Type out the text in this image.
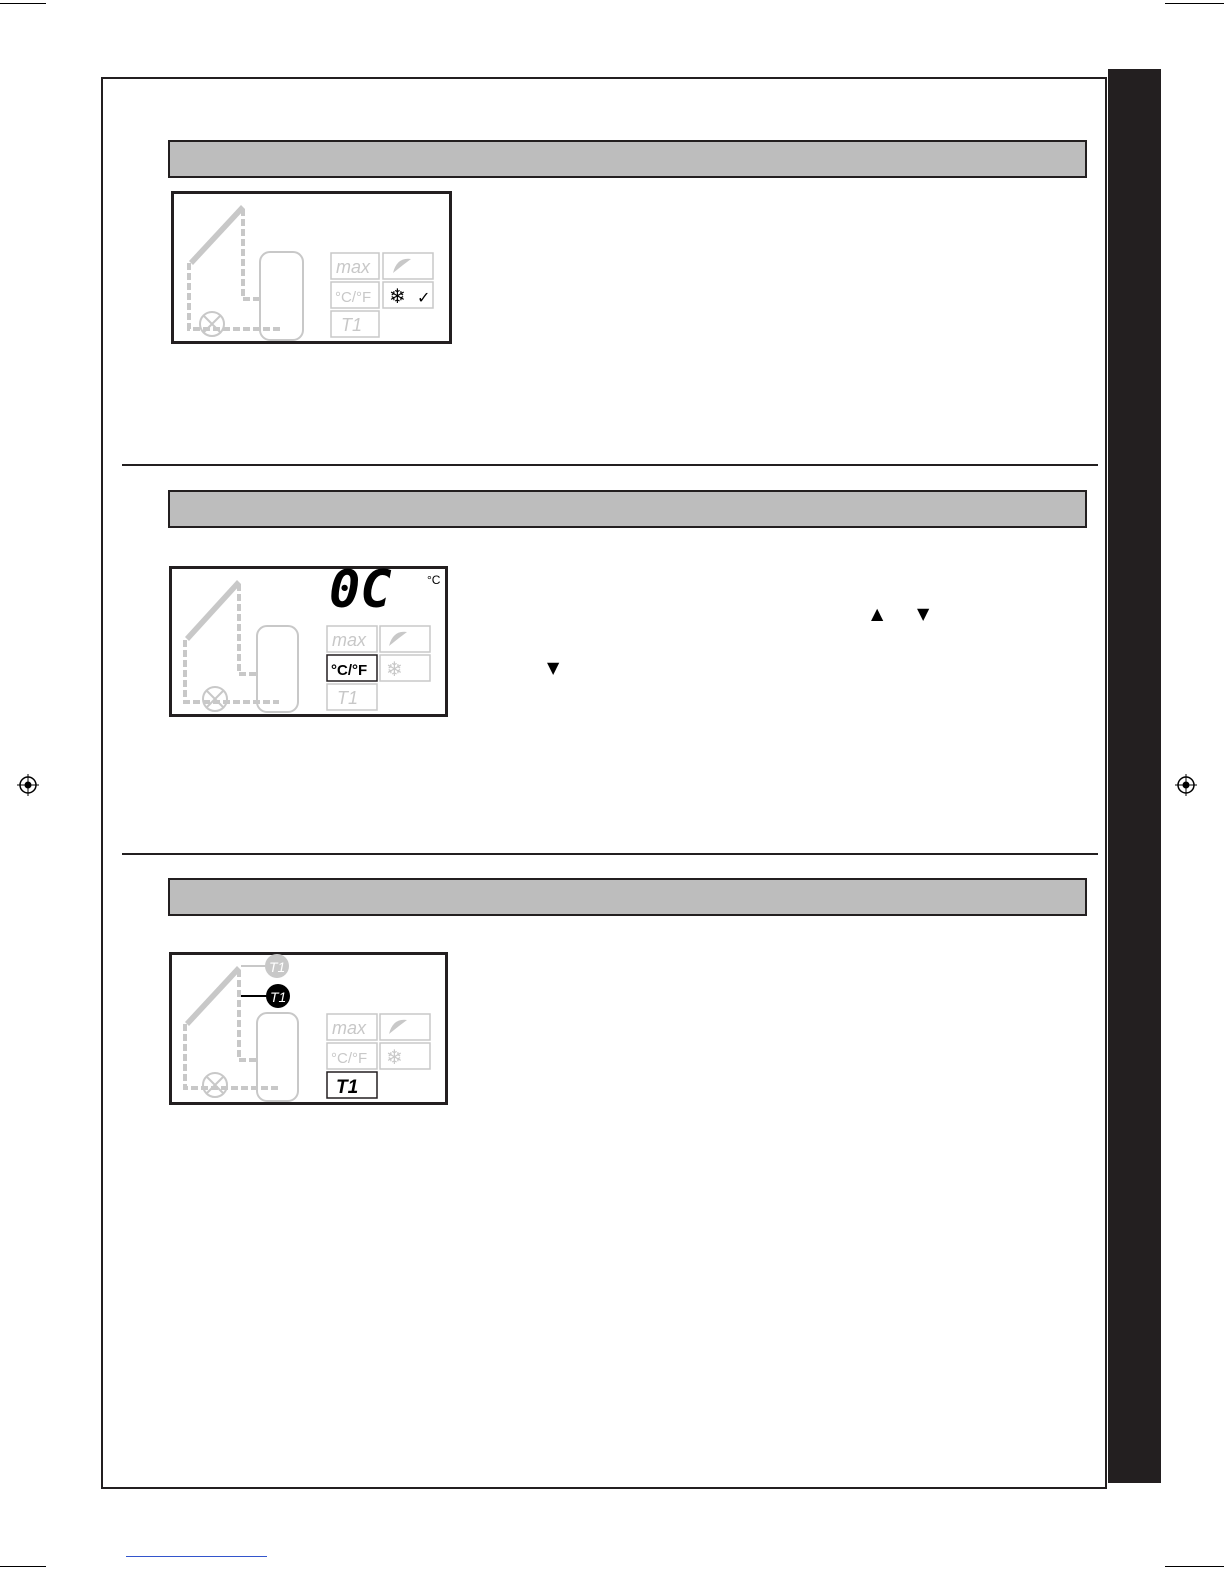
max
°C/°F ❄ ✓
T1
0C	°C
max
°C/°F ❄
T1
▲ ▼
▼
T1
T1
max
°C/°F ❄
T1
